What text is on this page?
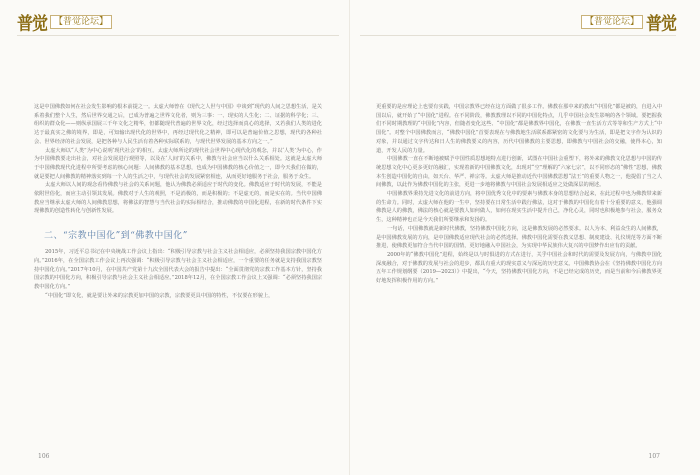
普觉 【普觉论坛】

这是中国佛教如何在社会发生影响的根本前提之一。太虚大师曾在《现代之人世与中国》中谈到“现代的人间之思想生活，是关系着我们整个人生，然后世界交通之后，已成为普遍之世界文化者，则为三事：一、现实的人生化；二、证据的科学化；三、组织的群众化——则纵承国展三千年文化之精华，但都随现代普遍的世界文化，经过选择而真心的选择，又若我们人类的进化达于最真实之佛的境界，即是，可知输出现代化的世界中，再经过现代化之精神，即可以是普遍价值之思想，现代的各种社会、世界经济的社会发展，是把各种与人民生活有着各种实际联系的，与现代世界发展的基本方向之一。”

太虚大师以“人类”为中心说明‘现代社会’的相互。太虚大师所论的现代社会世界中心现代化的观念，并以‘人类’为中心，作为中国佛教要走出社会，对社会发展进行观照等，以及在‘人间’的关系中，佛教与社会应当以什么关系相处。这就是太虚大师于中国佛教现代化进程中所要考虑的核心问题：人间佛教的基本思想，也成为中国佛教的核心价值之一，即今天我们在做的，就是要把人间佛教的精神落实到每一个人的生活之中，与现代社会的发展紧密相连，从而更好地服务于社会，服务于众生。

太虚大师以人间的观念看待佛教与社会的关系问题，他认为佛教必须适应于时代的变化。佛教适应于时代的发展，不能是依附世俗化，而应主动引领其发展。佛教对于人生的观照，不是消极的，而是积极的；不是虚无的，而是实在的。当代中国佛教应当继承太虚大师的人间佛教思想，将佛法的智慧与当代社会的实际相结合，推动佛教的中国化进程，在新的时代条件下实现佛教的创造性转化与创新性发展。

二、“宗教中国化”到“佛教中国化”

2015年，习近平总书记在中央统战工作会议上指出：“积极引导宗教与社会主义社会相适应，必须坚持我国宗教中国化方向。”2016年，在全国宗教工作会议上再次强调：“积极引导宗教与社会主义社会相适应，一个重要的任务就是支持我国宗教坚持中国化方向。”2017年10月，在中国共产党第十九次全国代表大会的报告中提出：“全面贯彻党的宗教工作基本方针，坚持我国宗教的中国化方向，积极引导宗教与社会主义社会相适应。”2018年12月，在全国宗教工作会议上又强调：“必须坚持我国宗教中国化方向。”

“中国化”即文化，就是要让外来的宗教更加中国的宗教，宗教要更具中国的特性，不仅要在形貌上，

106
【普觉论坛】 普觉

更重要的是应理论上也要有实践，中国宗教界已经在这方面做了很多工作。佛教在那中来的教出“中国化”都是被的，自进入中国以后，就开始了“中国化”进程。在不同阶段，佛教教理以不同的中国化特点，几乎中国社会发生影响的各个领域。要把握我们不同时期教理的“中国化”内容，但随者变化这些、“中国化”都是佛教界中国化，在佛教一直生活方式等等和生产方式上“中国化”。对整个中国佛教而言，“佛教中国化”首要表现在与佛教地生活联系都紧密的文化要与为生活，即是把文字作为认识的对象，并以通过文字传达和日人生的佛教要义的内容，历代中国佛教的主要思想，即佛教与中国社会的交融，使得本心，知道，开发人民的力量。

中国佛教一直在不断地被赋予中国性质思想地特点进行创新，试图在中国社会重塑下，将外来的佛教文化思想与中国的传统思想文化中心更多更好的融汇，实现着新的中国佛教文化，出现对“空”理解的“六家七宗”，以不同形态的“佛性”思想，佛教本生创造中国化的自由，如天台、华严、禅宗等。太虚大师是推动近代中国佛教思想“法王”的重要人物之一，他提倡了当之人间佛教，以此作为佛教中国化的主张，更进一步地将佛教与中国社会发展相适应之处做深层的阐述。

中国佛教界秉持先进文化的前进方向，将中国优秀文化中的要素与佛教本身的思想结合起来，在此过程中也为佛教带来新的生命力。同时，太虚大师在他的一生中，坚持要在日常生活中践行佛法，这对于佛教的中国化有着十分重要的意义，他强调佛教是人的佛教，佛法的核心就是要教人如何做人，如何在现实生活中提升自己，净化心灵，同时也积极地参与社会，服务众生，这种精神也正是今天我们所要继承和发扬的。

一句话，中国佛教就是新时代佛教，坚持佛教中国化方向，这是佛教发展的必然要求。以人为本、利益众生的人间佛教，是中国佛教发展的方向，是中国佛教适应现代社会的必然选择。佛教中国化需要在教义思想、制度建设、礼仪规范等方面不断推进，使佛教更加符合当代中国的国情，更好地融入中国社会，为实现中华民族伟大复兴的中国梦作出应有的贡献。

2000年的“佛教中国化”进程，始终是以与时俱进的方式在进行，关乎中国社会和时代的需要及发展方向，与佛教中国化深度融合，对于佛教的发展与社会的进步，都具有重大的现实意义与深远的历史意义。中国佛教协会在《坚持佛教中国化方向五年工作规划纲要（2019—2023）》中提出，“今天，坚持佛教中国化方向，不是已经完成的历史，而是当前和今后佛教界更好地发挥积极作用的方向。”

107
